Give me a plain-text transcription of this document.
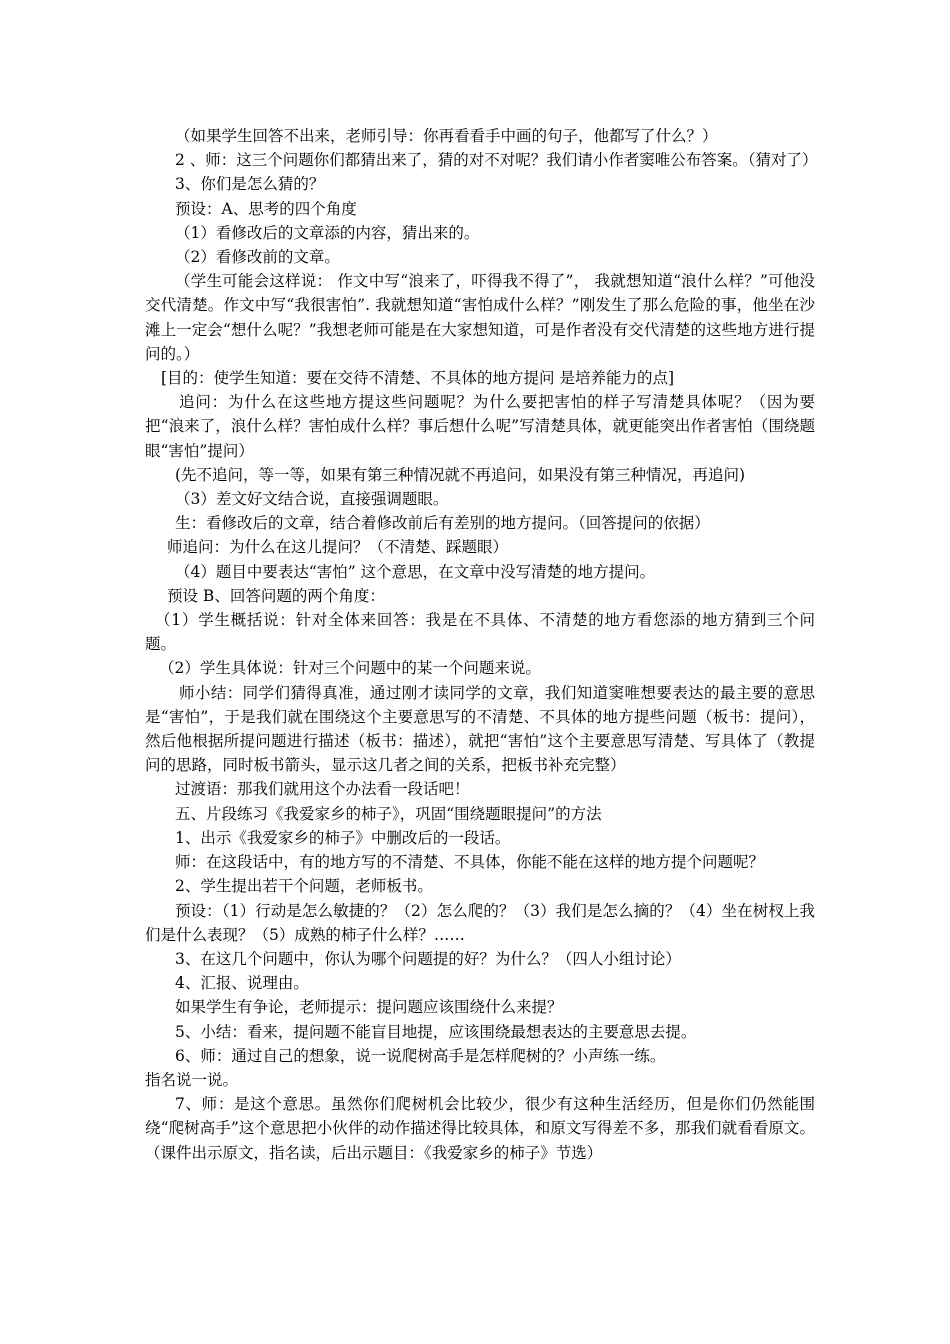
（如果学生回答不出来，老师引导：你再看看手中画的句子，他都写了什么？）

2 、师：这三个问题你们都猜出来了，猜的对不对呢？我们请小作者窦唯公布答案。（猜对了）

3、你们是怎么猜的？

预设：A、思考的四个角度

（1）看修改后的文章添的内容，猜出来的。

（2）看修改前的文章。

（学生可能会这样说： 作文中写“浪来了，吓得我不得了”， 我就想知道“浪什么样？”可他没交代清楚。作文中写“我很害怕”. 我就想知道“害怕成什么样？”刚发生了那么危险的事，他坐在沙滩上一定会“想什么呢？”我想老师可能是在大家想知道，可是作者没有交代清楚的这些地方进行提问的。）

[目的：使学生知道：要在交待不清楚、不具体的地方提问 是培养能力的点]

追问：为什么在这些地方提这些问题呢？为什么要把害怕的样子写清楚具体呢？（因为要把“浪来了，浪什么样？害怕成什么样？事后想什么呢”写清楚具体，就更能突出作者害怕（围绕题眼“害怕”提问）

(先不追问，等一等，如果有第三种情况就不再追问，如果没有第三种情况，再追问)

（3）差文好文结合说，直接强调题眼。

生：看修改后的文章，结合着修改前后有差别的地方提问。（回答提问的依据）

师追问：为什么在这儿提问？（不清楚、踩题眼）

（4）题目中要表达“害怕” 这个意思，在文章中没写清楚的地方提问。

预设 B、回答问题的两个角度：

（1）学生概括说：针对全体来回答：我是在不具体、不清楚的地方看您添的地方猜到三个问题。

（2）学生具体说：针对三个问题中的某一个问题来说。

师小结：同学们猜得真准，通过刚才读同学的文章，我们知道窦唯想要表达的最主要的意思是“害怕”，于是我们就在围绕这个主要意思写的不清楚、不具体的地方提些问题（板书：提问），然后他根据所提问题进行描述（板书：描述），就把“害怕”这个主要意思写清楚、写具体了（教提问的思路，同时板书箭头，显示这几者之间的关系，把板书补充完整）

过渡语：那我们就用这个办法看一段话吧！

五、片段练习《我爱家乡的柿子》，巩固“围绕题眼提问”的方法

1、出示《我爱家乡的柿子》中删改后的一段话。

师：在这段话中，有的地方写的不清楚、不具体，你能不能在这样的地方提个问题呢？

2、学生提出若干个问题，老师板书。

预设：（1）行动是怎么敏捷的？（2）怎么爬的？（3）我们是怎么摘的？（4）坐在树杈上我们是什么表现？（5）成熟的柿子什么样？……

3、在这几个问题中，你认为哪个问题提的好？为什么？（四人小组讨论）

4、汇报、说理由。

如果学生有争论，老师提示：提问题应该围绕什么来提？

5、小结：看来，提问题不能盲目地提，应该围绕最想表达的主要意思去提。

6、师：通过自己的想象，说一说爬树高手是怎样爬树的？小声练一练。

指名说一说。

7、师：是这个意思。虽然你们爬树机会比较少，很少有这种生活经历，但是你们仍然能围绕“爬树高手”这个意思把小伙伴的动作描述得比较具体，和原文写得差不多，那我们就看看原文。（课件出示原文，指名读，后出示题目：《我爱家乡的柿子》节选）
